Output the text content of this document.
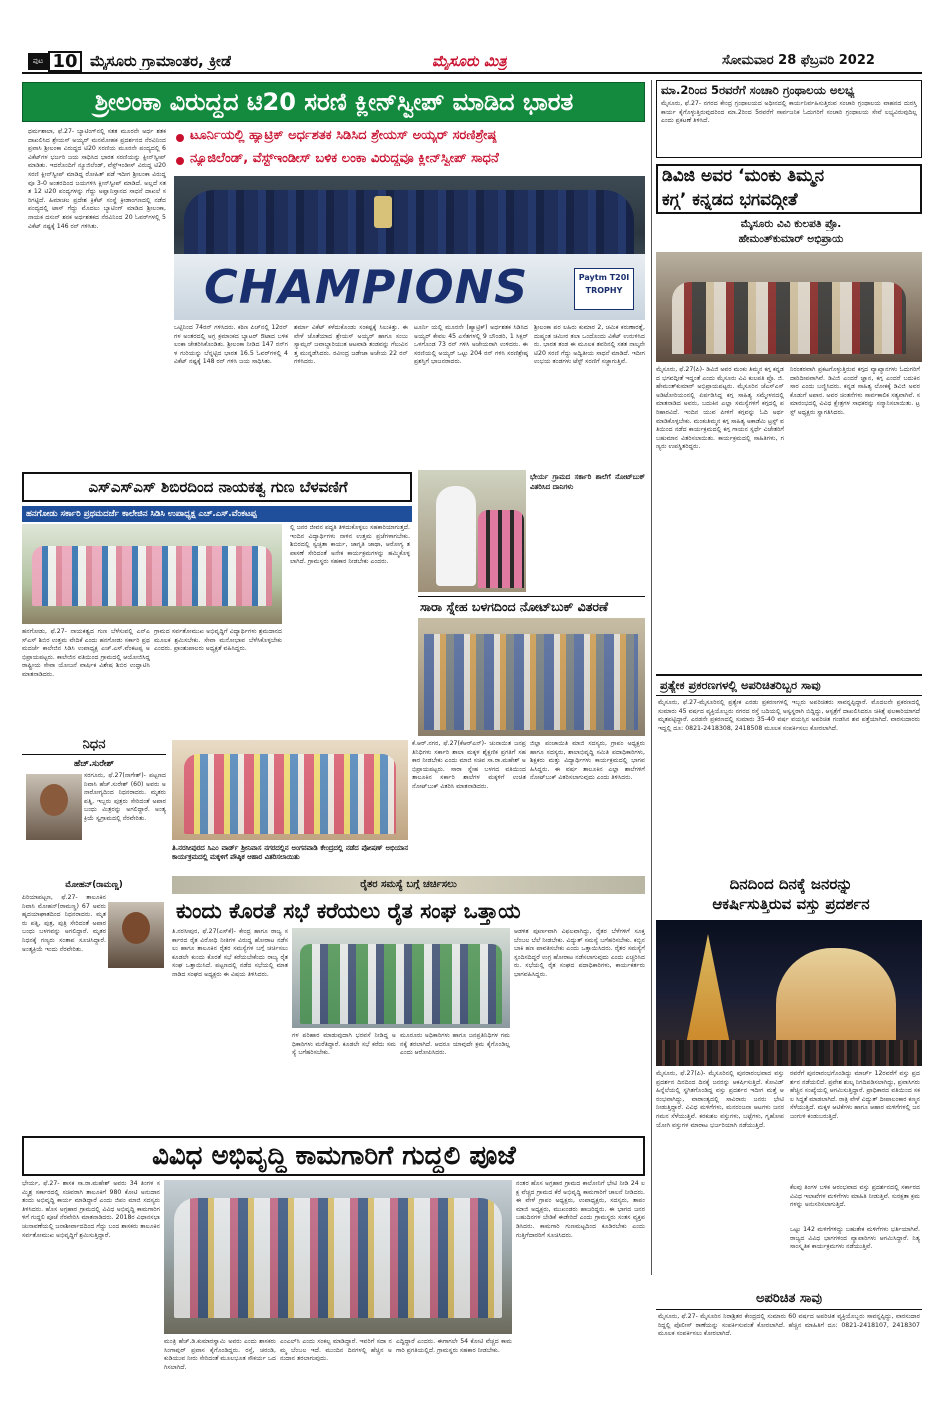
ಪುಟ 10 ಮೈಸೂರು ಗ್ರಾಮಾಂತರ, ಕ್ರೀಡೆ	ಮೈಸೂರು ಮಿತ್ರ	ಸೋಮವಾರ 28 ಫೆಬ್ರವರಿ 2022
ಶ್ರೀಲಂಕಾ ವಿರುದ್ಧದ ಟಿ20 ಸರಣಿ ಕ್ಲೀನ್‌ಸ್ವೀಪ್ ಮಾಡಿದ ಭಾರತ
ಟೂರ್ನಿಯಲ್ಲಿ ಹ್ಯಾಟ್ರಿಕ್ ಅರ್ಧಶತಕ ಸಿಡಿಸಿದ ಶ್ರೇಯಸ್ ಅಯ್ಯರ್ ಸರಣಿಶ್ರೇಷ್ಠ
ನ್ಯೂಜಿಲೆಂಡ್, ವೆಸ್ಟ್‌ಇಂಡೀಸ್ ಬಳಿಕ ಲಂಕಾ ವಿರುದ್ಧವೂ ಕ್ಲೀನ್‌ಸ್ವೀಪ್ ಸಾಧನೆ
ಧರ್ಮಶಾಲಾ, ಫೆ.27- ಬ್ಯಾಟಿಂಗ್‌ನಲ್ಲಿ ಸತತ ಮೂರನೇ ಅರ್ಧ ಶತಕ ದಾಖಲಿಸಿದ ಶ್ರೇಯಸ್ ಅಯ್ಯರ್ ಮನಮೋಹಕ ಪ್ರದರ್ಶನದ ನೆರವಿನಿಂದ ಪ್ರವಾಸಿ ಶ್ರೀಲಂಕಾ ವಿರುದ್ಧದ ಟಿ20 ಸರಣಿಯ ಮೂರನೇ ಪಂದ್ಯದಲ್ಲಿ 6 ವಿಕೆಟ್‌ಗಳ ಭರ್ಜರಿ ಜಯ ಸಾಧಿಸಿದ ಭಾರತ ಸರಣಿಯನ್ನು ಕ್ಲೀನ್‌ಸ್ವೀಪ್ ಮಾಡಿತು. ಇದರೊಂದಿಗೆ ನ್ಯೂಜಿಲೆಂಡ್, ವೆಸ್ಟ್‌ಇಂಡೀಸ್ ವಿರುದ್ಧ ಟಿ20 ಸರಣಿ ಕ್ಲೀನ್‌ಸ್ವೀಪ್ ಮಾಡಿದ್ದ ರೋಹಿತ್ ಪಡೆ ಇದೀಗ ಶ್ರೀಲಂಕಾ ವಿರುದ್ಧವೂ 3-0 ಅಂತರದಿಂದ ಜಯಗಳಿಸಿ ಕ್ಲೀನ್‌ಸ್ವೀಪ್ ಮಾಡಿದೆ. ಅಲ್ಲದೆ ಸತತ 12 ಟಿ20 ಪಂದ್ಯಗಳನ್ನು ಗೆದ್ದು ಅಫ್ಘಾನಿಸ್ತಾನದ ಸಾಧನೆ ದಾಖಲೆ ಸರಿಗಟ್ಟಿದೆ. ಹಿಮಾಚಲ ಪ್ರದೇಶ ಕ್ರಿಕೆಟ್ ಸಂಸ್ಥೆ ಕ್ರೀಡಾಂಗಣದಲ್ಲಿ ನಡೆದ ಪಂದ್ಯದಲ್ಲಿ ಟಾಸ್ ಗೆದ್ದು ಮೊದಲು ಬ್ಯಾಟಿಂಗ್ ಮಾಡಿದ ಶ್ರೀಲಂಕಾ, ನಾಯಕ ದಸುನ್ ಶನಕ ಅರ್ಧಶತಕದ ನೆರವಿನಿಂದ 20 ಓವರ್‌ಗಳಲ್ಲಿ 5 ವಿಕೆಟ್ ನಷ್ಟಕ್ಕೆ 146 ರನ್ ಗಳಿಸಿತು.
CHAMPIONS	Paytm T20I TROPHY
ಒಟ್ಟಿನಿಂದ 74ರನ್ ಗಳಿಸಿದರು. ಕಠಿಣ ಪಿಚ್‌ನಲ್ಲಿ 12ರನ್ ಗಳ ಅಂತರದಲ್ಲಿ ಅಗ್ರ ಕ್ರಮಾಂಕದ ಬ್ಯಾಟರ್ ಔಟಾದ ಬಳಿಕ ಲಂಕಾ ಚೇತರಿಸಿಕೊಂಡಿತು. ಶ್ರೀಲಂಕಾ ನೀಡಿದ 147 ರನ್‌ಗಳ ಗುರಿಯನ್ನು ಬೆನ್ನಟ್ಟಿದ ಭಾರತ 16.5 ಓವರ್‌ಗಳಲ್ಲಿ 4 ವಿಕೆಟ್ ನಷ್ಟಕ್ಕೆ 148 ರನ್ ಗಳಿಸಿ ಜಯ ಸಾಧಿಸಿತು.
ಶರ್ಮಾ ವಿಕೆಟ್ ಕಳೆದುಕೊಂಡು ಸಂಕಷ್ಟಕ್ಕೆ ಸಿಲುಕಿತ್ತು. ಈ ವೇಳೆ ಜೊತೆಯಾದ ಶ್ರೇಯಸ್ ಅಯ್ಯರ್ ಹಾಗೂ ಸಂಜು ಸ್ಯಾಮ್ಸನ್ ಜವಾಬ್ದಾರಿಯುತ ಆಟವಾಡಿ ತಂಡವನ್ನು ಗೆಲುವಿನತ್ತ ಮುನ್ನಡೆಸಿದರು. ರವೀಂದ್ರ ಜಡೇಜಾ ಅಜೇಯ 22 ರನ್ ಗಳಿಸಿದರು.
ಟೂರ್ನಿ ಯಲ್ಲಿ ಮೂರನೇ (ಹ್ಯಾಟ್ರಿಕ್) ಅರ್ಧಶತಕ ಸಿಡಿಸಿದ ಅಯ್ಯರ್ ಕೇವಲ 45 ಎಸೆತಗಳಲ್ಲಿ 9 ಬೌಂಡರಿ, 1 ಸಿಕ್ಸರ್ ಒಳಗೊಂಡ 73 ರನ್ ಗಳಿಸಿ ಅಜೇಯರಾಗಿ ಉಳಿದರು. ಈ ಸರಣಿಯಲ್ಲಿ ಅಯ್ಯರ್ ಒಟ್ಟು 204 ರನ್ ಗಳಿಸಿ ಸರಣಿಶ್ರೇಷ್ಠ ಪ್ರಶಸ್ತಿಗೆ ಭಾಜನರಾದರು.
ಶ್ರೀಲಂಕಾ ಪರ ಲಹಿರು ಕುಮಾರ 2, ಚಮಿಕ ಕರುಣಾರತ್ನೆ, ದುಷ್ಮಂತ ಚಮೀರ ತಲಾ ಒಂದೊಂದು ವಿಕೆಟ್ ಉರುಳಿಸಿದರು. ಭಾರತ ತಂಡ ಈ ಮೂಲಕ ತವರಿನಲ್ಲಿ ಸತತ ನಾಲ್ಕನೇ ಟಿ20 ಸರಣಿ ಗೆದ್ದು ಅದ್ವಿತೀಯ ಸಾಧನೆ ಮಾಡಿದೆ. ಇದೀಗ ಉಭಯ ತಂಡಗಳು ಟೆಸ್ಟ್ ಸರಣಿಗೆ ಸಜ್ಜಾಗುತ್ತಿವೆ.
ಮಾ.2ರಿಂದ 5ರವರೆಗೆ ಸಂಚಾರಿ ಗ್ರಂಥಾಲಯ ಅಲಭ್ಯ
ಮೈಸೂರು, ಫೆ.27- ನಗರದ ಕೇಂದ್ರ ಗ್ರಂಥಾಲಯದ ಅಧೀನದಲ್ಲಿ ಕಾರ್ಯನಿರ್ವಹಿಸುತ್ತಿರುವ ಸಂಚಾರಿ ಗ್ರಂಥಾಲಯ ವಾಹನದ ದುರಸ್ತಿ ಕಾರ್ಯ ಕೈಗೊಳ್ಳುತ್ತಿರುವುದರಿಂದ ಮಾ.2ರಿಂದ 5ರವರೆಗೆ ಸಾರ್ವಜನಿಕ ಓದುಗರಿಗೆ ಸಂಚಾರಿ ಗ್ರಂಥಾಲಯ ಸೇವೆ ಲಭ್ಯವಿರುವುದಿಲ್ಲ ಎಂದು ಪ್ರಕಟಣೆ ತಿಳಿಸಿದೆ.
ಡಿವಿಜಿ ಅವರ ‘ಮಂಕು ತಿಮ್ಮನ
ಕಗ್ಗ’ ಕನ್ನಡದ ಭಗವದ್ಗೀತೆ
ಮೈಸೂರು ವಿವಿ ಕುಲಪತಿ ಪ್ರೊ.
ಹೇಮಂತ್‌ಕುಮಾರ್ ಅಭಿಪ್ರಾಯ
ಮೈಸೂರು, ಫೆ.27(ಪಿ)- ಡಿವಿಜಿ ಅವರ ಮಂಕು ತಿಮ್ಮನ ಕಗ್ಗ ಕನ್ನಡದ ಭಗವದ್ಗೀತೆ ಇದ್ದಂತೆ ಎಂದು ಮೈಸೂರು ವಿವಿ ಕುಲಪತಿ ಪ್ರೊ. ಜಿ.ಹೇಮಂತ್‌ಕುಮಾರ್ ಅಭಿಪ್ರಾಯಪಟ್ಟರು. ಮೈಸೂರಿನ ಜೆಎಸ್‌ಎಸ್ ಅಡಿಟೋರಿಯಂನಲ್ಲಿ ಏರ್ಪಡಿಸಿದ್ದ ಕಗ್ಗ ಸಾಹಿತ್ಯ ಸಮ್ಮೇಳನದಲ್ಲಿ ಮಾತನಾಡಿದ ಅವರು, ಬದುಕಿನ ಎಲ್ಲಾ ಸಮಸ್ಯೆಗಳಿಗೆ ಕಗ್ಗದಲ್ಲಿ ಪರಿಹಾರವಿದೆ. ಇಂದಿನ ಯುವ ಪೀಳಿಗೆ ಕಗ್ಗವನ್ನು ಓದಿ ಅರ್ಥಮಾಡಿಕೊಳ್ಳಬೇಕು. ಮಂಕುತಿಮ್ಮನ ಕಗ್ಗ ಸಾಹಿತ್ಯ ಅಕಾಡೆಮಿ ಟ್ರಸ್ಟ್ ವತಿಯಿಂದ ನಡೆದ ಕಾರ್ಯಕ್ರಮದಲ್ಲಿ ಕಗ್ಗ ಗಾಯನ ಸ್ಪರ್ಧೆ ವಿಜೇತರಿಗೆ ಬಹುಮಾನ ವಿತರಿಸಲಾಯಿತು. ಕಾರ್ಯಕ್ರಮದಲ್ಲಿ ಸಾಹಿತಿಗಳು, ಗಣ್ಯರು ಉಪಸ್ಥಿತರಿದ್ದರು.
ನಿರಂತರವಾಗಿ ಪ್ರಕಟಗೊಳ್ಳುತ್ತಿರುವ ಕಗ್ಗದ ವ್ಯಾಖ್ಯಾನಗಳು ಓದುಗರಿಗೆ ದಾರಿದೀಪವಾಗಿವೆ. ಡಿವಿಜಿ ಎಂದರೆ ಜ್ಞಾನ, ಕಗ್ಗ ಎಂದರೆ ಬದುಕಿನ ಸಾರ ಎಂದು ಬಣ್ಣಿಸಿದರು. ಕನ್ನಡ ಸಾಹಿತ್ಯ ಲೋಕಕ್ಕೆ ಡಿವಿಜಿ ಅವರ ಕೊಡುಗೆ ಅಪಾರ. ಅವರ ಚಿಂತನೆಗಳು ಸಾರ್ವಕಾಲಿಕ ಸತ್ಯವಾಗಿವೆ. ಸಮಾರಂಭದಲ್ಲಿ ವಿವಿಧ ಕ್ಷೇತ್ರಗಳ ಸಾಧಕರನ್ನು ಸನ್ಮಾನಿಸಲಾಯಿತು. ಟ್ರಸ್ಟ್ ಅಧ್ಯಕ್ಷರು ಸ್ವಾಗತಿಸಿದರು.
ಪ್ರತ್ಯೇಕ ಪ್ರಕರಣಗಳಲ್ಲಿ ಅಪರಿಚಿತರಿಬ್ಬರ ಸಾವು
ಮೈಸೂರು, ಫೆ.27-ಮೈಸೂರಿನಲ್ಲಿ ಪ್ರತ್ಯೇಕ ಎರಡು ಪ್ರಕರಣಗಳಲ್ಲಿ ಇಬ್ಬರು ಅಪರಿಚಿತರು ಸಾವನ್ನಪ್ಪಿದ್ದಾರೆ. ಮೊದಲನೇ ಪ್ರಕರಣದಲ್ಲಿ ಸುಮಾರು 45 ವರ್ಷದ ವ್ಯಕ್ತಿಯೊಬ್ಬರು ನಗರದ ರಸ್ತೆ ಬದಿಯಲ್ಲಿ ಅಸ್ವಸ್ಥರಾಗಿ ಬಿದ್ದಿದ್ದು, ಆಸ್ಪತ್ರೆಗೆ ದಾಖಲಿಸಿದರೂ ಚಿಕಿತ್ಸೆ ಫಲಕಾರಿಯಾಗದೆ ಮೃತಪಟ್ಟಿದ್ದಾರೆ. ಎರಡನೇ ಪ್ರಕರಣದಲ್ಲಿ ಸುಮಾರು 35-40 ವರ್ಷ ವಯಸ್ಸಿನ ಅಪರಿಚಿತ ಗಂಡಸಿನ ಶವ ಪತ್ತೆಯಾಗಿದೆ. ವಾರಸುದಾರರು ಇದ್ದಲ್ಲಿ ದೂ: 0821-2418308, 2418508 ಮೂಲಕ ಸಂಪರ್ಕಿಸಲು ಕೋರಲಾಗಿದೆ.
ದಿನದಿಂದ ದಿನಕ್ಕೆ ಜನರನ್ನು
ಆಕರ್ಷಿಸುತ್ತಿರುವ ವಸ್ತು ಪ್ರದರ್ಶನ
ಮೈಸೂರು, ಫೆ.27(ಪಿ)- ಮೈಸೂರಿನಲ್ಲಿ ಪುನರಾರಂಭವಾದ ವಸ್ತು ಪ್ರದರ್ಶನ ದಿನದಿಂದ ದಿನಕ್ಕೆ ಜನರನ್ನು ಆಕರ್ಷಿಸುತ್ತಿದೆ. ಕೋವಿಡ್ ಹಿನ್ನೆಲೆಯಲ್ಲಿ ಸ್ಥಗಿತಗೊಂಡಿದ್ದ ವಸ್ತು ಪ್ರದರ್ಶನ ಇದೀಗ ಮತ್ತೆ ಆರಂಭವಾಗಿದ್ದು, ವಾರಾಂತ್ಯದಲ್ಲಿ ಸಾವಿರಾರು ಜನರು ಭೇಟಿ ನೀಡುತ್ತಿದ್ದಾರೆ. ವಿವಿಧ ಮಳಿಗೆಗಳು, ಮನರಂಜನಾ ಆಟಗಳು ಜನರ ಗಮನ ಸೆಳೆಯುತ್ತಿವೆ. ಕರಕುಶಲ ವಸ್ತುಗಳು, ಬಟ್ಟೆಗಳು, ಗೃಹೋಪಯೋಗಿ ವಸ್ತುಗಳ ಮಾರಾಟ ಭರ್ಜರಿಯಾಗಿ ನಡೆಯುತ್ತಿದೆ.
ರವರೆಗೆ ಪುನರಾರಂಭಗೊಂಡಿದ್ದು ಮಾರ್ಚ್ 12ರವರೆಗೆ ವಸ್ತು ಪ್ರದರ್ಶನ ನಡೆಯಲಿದೆ. ಪ್ರವೇಶ ಶುಲ್ಕ ನಿಗದಿಪಡಿಸಲಾಗಿದ್ದು, ಪ್ರವಾಸಿಗರು ಹೆಚ್ಚಿನ ಸಂಖ್ಯೆಯಲ್ಲಿ ಆಗಮಿಸುತ್ತಿದ್ದಾರೆ. ಪ್ರಾಧಿಕಾರದ ವತಿಯಿಂದ ಸಕಲ ಸಿದ್ಧತೆ ಮಾಡಲಾಗಿದೆ. ರಾತ್ರಿ ವೇಳೆ ವಿದ್ಯುತ್ ದೀಪಾಲಂಕಾರ ಕಣ್ಮನ ಸೆಳೆಯುತ್ತಿದೆ. ಮಕ್ಕಳ ಆಟಿಕೆಗಳು ಹಾಗೂ ಆಹಾರ ಮಳಿಗೆಗಳಲ್ಲಿ ಜನಜಂಗುಳಿ ಕಂಡುಬರುತ್ತಿದೆ.
ಕೆಲವು ತಿಂಗಳ ಬಳಿಕ ಆರಂಭವಾದ ವಸ್ತು ಪ್ರದರ್ಶನದಲ್ಲಿ ಸರ್ಕಾರದ ವಿವಿಧ ಇಲಾಖೆಗಳ ಮಳಿಗೆಗಳು ಮಾಹಿತಿ ನೀಡುತ್ತಿವೆ. ಸುರಕ್ಷತಾ ಕ್ರಮಗಳನ್ನು ಅನುಸರಿಸಲಾಗುತ್ತಿದೆ.
ಒಟ್ಟು 142 ಮಳಿಗೆಗಳಿದ್ದು ಬಹುತೇಕ ಮಳಿಗೆಗಳು ಭರ್ತಿಯಾಗಿವೆ. ರಾಜ್ಯದ ವಿವಿಧ ಭಾಗಗಳಿಂದ ವ್ಯಾಪಾರಿಗಳು ಆಗಮಿಸಿದ್ದಾರೆ. ನಿತ್ಯ ಸಾಂಸ್ಕೃತಿಕ ಕಾರ್ಯಕ್ರಮಗಳು ನಡೆಯುತ್ತಿವೆ.
ಅಪರಿಚಿತ ಸಾವು
ಮೈಸೂರು, ಫೆ.27- ಮೈಸೂರಿನ ನಿರಾಶ್ರಿತರ ಕೇಂದ್ರದಲ್ಲಿ ಸುಮಾರು 60 ವರ್ಷದ ಅಪರಿಚಿತ ವ್ಯಕ್ತಿಯೊಬ್ಬರು ಸಾವನ್ನಪ್ಪಿದ್ದು, ವಾರಸುದಾರರಿದ್ದಲ್ಲಿ ಪೊಲೀಸ್ ಠಾಣೆಯನ್ನು ಸಂಪರ್ಕಿಸುವಂತೆ ಕೋರಲಾಗಿದೆ. ಹೆಚ್ಚಿನ ಮಾಹಿತಿಗೆ ದೂ: 0821-2418107, 2418307 ಮೂಲಕ ಸಂಪರ್ಕಿಸಲು ಕೋರಲಾಗಿದೆ.
ಎಸ್‌ಎಸ್‌ಎಸ್ ಶಿಬಿರದಿಂದ ನಾಯಕತ್ವ ಗುಣ ಬೆಳವಣಿಗೆ
ಹನಗೋಡು ಸರ್ಕಾರಿ ಪ್ರಥಮದರ್ಜೆ ಕಾಲೇಜಿನ ಸಿಡಿಸಿ ಉಪಾಧ್ಯಕ್ಷ ಎಚ್.ಎಸ್.ವೆಂಕಟಪ್ಪ
ಹನಗೋಡು, ಫೆ.27- ನಾಯಕತ್ವದ ಗುಣ ಬೆಳೆಸುವಲ್ಲಿ ಎನ್‌ಎಸ್‌ಎಸ್ ಶಿಬಿರ ಉತ್ತಮ ವೇದಿಕೆ ಎಂದು ಹನಗೋಡು ಸರ್ಕಾರಿ ಪ್ರಥಮದರ್ಜೆ ಕಾಲೇಜಿನ ಸಿಡಿಸಿ ಉಪಾಧ್ಯಕ್ಷ ಎಚ್.ಎಸ್.ವೆಂಕಟಪ್ಪ ಅಭಿಪ್ರಾಯಪಟ್ಟರು. ಕಾಲೇಜಿನ ವತಿಯಿಂದ ಗ್ರಾಮದಲ್ಲಿ ಆಯೋಜಿಸಿದ್ದ ರಾಷ್ಟ್ರೀಯ ಸೇವಾ ಯೋಜನೆ ವಾರ್ಷಿಕ ವಿಶೇಷ ಶಿಬಿರ ಉದ್ಘಾಟಿಸಿ ಮಾತನಾಡಿದರು.
ಗ್ರಾಮದ ಸರ್ವತೋಮುಖ ಅಭಿವೃದ್ಧಿಗೆ ವಿದ್ಯಾರ್ಥಿಗಳು ಶ್ರಮದಾನದ ಮೂಲಕ ಶ್ರಮಿಸಬೇಕು. ಸೇವಾ ಮನೋಭಾವ ಬೆಳೆಸಿಕೊಳ್ಳಬೇಕು ಎಂದರು. ಪ್ರಾಂಶುಪಾಲರು ಅಧ್ಯಕ್ಷತೆ ವಹಿಸಿದ್ದರು.
ಲ್ಲಿ ಜನರ ಜೀವನ ಪದ್ಧತಿ ತಿಳಿದುಕೊಳ್ಳಲು ಸಹಕಾರಿಯಾಗುತ್ತದೆ. ಇಂದಿನ ವಿದ್ಯಾರ್ಥಿಗಳು ನಾಳಿನ ಉತ್ತಮ ಪ್ರಜೆಗಳಾಗಬೇಕು. ಶಿಬಿರದಲ್ಲಿ ಸ್ವಚ್ಛತಾ ಕಾರ್ಯ, ಜಾಗೃತಿ ಜಾಥಾ, ಆರೋಗ್ಯ ತಪಾಸಣೆ ಸೇರಿದಂತೆ ಅನೇಕ ಕಾರ್ಯಕ್ರಮಗಳನ್ನು ಹಮ್ಮಿಕೊಳ್ಳಲಾಗಿದೆ. ಗ್ರಾಮಸ್ಥರು ಸಹಕಾರ ನೀಡಬೇಕು ಎಂದರು.
ಭೇರ್ಯ ಗ್ರಾಮದ ಸರ್ಕಾರಿ ಶಾಲೆಗೆ ನೋಟ್‌ಬುಕ್ ವಿತರಿಸಿದ ದಾನಿಗಳು
ಸಾರಾ ಸ್ನೇಹ ಬಳಗದಿಂದ ನೋಟ್‌ಬುಕ್ ವಿತರಣೆ
ತಿ.ನರಸೀಪುರದ ಸಿಎಂ ವಾರ್ಡ್ ಶ್ರೀನಿವಾಸ ನಗರದಲ್ಲಿನ ಅಂಗನವಾಡಿ ಕೇಂದ್ರದಲ್ಲಿ ನಡೆದ ಪೋಷಣ್ ಅಭಿಯಾನ ಕಾರ್ಯಕ್ರಮದಲ್ಲಿ ಮಕ್ಕಳಿಗೆ ಪೌಷ್ಠಿಕ ಆಹಾರ ವಿತರಿಸಲಾಯಿತು
ಕೆ.ಆರ್.ನಗರ, ಫೆ.27(ಕೆಆರ್‌ಎನ್)- ಚುನಾಯಿತ ಜನಪ್ರತಿನಿಧಿಗಳು ಸರ್ಕಾರಿ ಶಾಲಾ ಮಕ್ಕಳ ಶೈಕ್ಷಣಿಕ ಪ್ರಗತಿಗೆ ಸಹಕಾರ ನೀಡಬೇಕು ಎಂದು ಮಾಜಿ ಸಚಿವ ಸಾ.ರಾ.ಮಹೇಶ್ ಅಭಿಪ್ರಾಯಪಟ್ಟರು. ಸಾರಾ ಸ್ನೇಹ ಬಳಗದ ವತಿಯಿಂದ ತಾಲೂಕಿನ ಸರ್ಕಾರಿ ಶಾಲೆಗಳ ಮಕ್ಕಳಿಗೆ ಉಚಿತ ನೋಟ್‌ಬುಕ್ ವಿತರಿಸಿ ಮಾತನಾಡಿದರು.
ಜಿಲ್ಲಾ ಪಂಚಾಯಿತಿ ಮಾಜಿ ಸದಸ್ಯರು, ಗ್ರಾಪಂ ಅಧ್ಯಕ್ಷರು ಹಾಗೂ ಸದಸ್ಯರು, ಶಾಲಾಭಿವೃದ್ಧಿ ಸಮಿತಿ ಪದಾಧಿಕಾರಿಗಳು, ಶಿಕ್ಷಕರು ಮತ್ತು ವಿದ್ಯಾರ್ಥಿಗಳು ಕಾರ್ಯಕ್ರಮದಲ್ಲಿ ಭಾಗವಹಿಸಿದ್ದರು. ಈ ವರ್ಷ ತಾಲೂಕಿನ ಎಲ್ಲಾ ಶಾಲೆಗಳಿಗೆ ನೋಟ್‌ಬುಕ್ ವಿತರಿಸಲಾಗುವುದು ಎಂದು ತಿಳಿಸಿದರು.
ನಿಧನ
ಹೆಚ್.ಸುರೇಶ್
ಸರಗೂರು, ಫೆ.27(ನಾಗೇಶ್)- ಪಟ್ಟಣದ ನಿವಾಸಿ ಹೆಚ್.ಸುರೇಶ್ (60) ಅವರು ಅನಾರೋಗ್ಯದಿಂದ ನಿಧನರಾದರು. ಮೃತರು ಪತ್ನಿ, ಇಬ್ಬರು ಪುತ್ರರು ಸೇರಿದಂತೆ ಅಪಾರ ಬಂಧು ಮಿತ್ರರನ್ನು ಅಗಲಿದ್ದಾರೆ. ಅಂತ್ಯಕ್ರಿಯೆ ಸ್ವಗ್ರಾಮದಲ್ಲಿ ನೆರವೇರಿತು.
ಮೋಹನ್(ರಾಮಣ್ಣ)
ಪಿರಿಯಾಪಟ್ಟಣ, ಫೆ.27- ತಾಲೂಕಿನ ನಿವಾಸಿ ಮೋಹನ್(ರಾಮಣ್ಣ) 67 ಅವರು ಹೃದಯಾಘಾತದಿಂದ ನಿಧನರಾದರು. ಮೃತರು ಪತ್ನಿ, ಪುತ್ರ, ಪುತ್ರಿ ಸೇರಿದಂತೆ ಅಪಾರ ಬಂಧು ಬಳಗವನ್ನು ಅಗಲಿದ್ದಾರೆ. ಮೃತರ ನಿಧನಕ್ಕೆ ಗಣ್ಯರು ಸಂತಾಪ ಸೂಚಿಸಿದ್ದಾರೆ. ಅಂತ್ಯಕ್ರಿಯೆ ಇಂದು ನೆರವೇರಿತು.
ರೈತರ ಸಮಸ್ಯೆ ಬಗ್ಗೆ ಚರ್ಚಿಸಲು
ಕುಂದು ಕೊರತೆ ಸಭೆ ಕರೆಯಲು ರೈತ ಸಂಘ ಒತ್ತಾಯ
ತಿ.ನರಸೀಪುರ, ಫೆ.27(ಎಸ್‌ಕೆ)- ಕೇಂದ್ರ ಹಾಗೂ ರಾಜ್ಯ ಸರ್ಕಾರದ ರೈತ ವಿರೋಧಿ ನೀತಿಗಳ ವಿರುದ್ಧ ಹೋರಾಟ ನಡೆಸಲು ಹಾಗೂ ತಾಲೂಕಿನ ರೈತರ ಸಮಸ್ಯೆಗಳ ಬಗ್ಗೆ ಚರ್ಚಿಸಲು ಕೂಡಲೇ ಕುಂದು ಕೊರತೆ ಸಭೆ ಕರೆಯಬೇಕೆಂದು ರಾಜ್ಯ ರೈತ ಸಂಘ ಒತ್ತಾಯಿಸಿದೆ. ಪಟ್ಟಣದಲ್ಲಿ ನಡೆದ ಸಭೆಯಲ್ಲಿ ಮಾತನಾಡಿದ ಸಂಘದ ಅಧ್ಯಕ್ಷರು ಈ ವಿಷಯ ತಿಳಿಸಿದರು.
ಗಳ ಪರಿಹಾರ ಮಾಡುವುದಾಗಿ ಭರವಸೆ ನೀಡಿದ್ದ ಅಧಿಕಾರಿಗಳು ಮರೆತಿದ್ದಾರೆ. ಕೂಡಲೇ ಸಭೆ ಕರೆದು ಸಮಸ್ಯೆ ಬಗೆಹರಿಸಬೇಕು.
ಮೂರೂರು ಅಧಿಕಾರಿಗಳು ಹಾಗೂ ಜನಪ್ರತಿನಿಧಿಗಳ ಗಮನಕ್ಕೆ ತರಲಾಗಿದೆ. ಆದರೂ ಯಾವುದೇ ಕ್ರಮ ಕೈಗೊಂಡಿಲ್ಲ ಎಂದು ಆರೋಪಿಸಿದರು.
ಆಡಳಿತ ಪೂರ್ಣವಾಗಿ ವಿಫಲವಾಗಿದ್ದು, ರೈತರ ಬೆಳೆಗಳಿಗೆ ಸೂಕ್ತ ಬೆಂಬಲ ಬೆಲೆ ನೀಡಬೇಕು. ವಿದ್ಯುತ್ ಸಮಸ್ಯೆ ಬಗೆಹರಿಸಬೇಕು. ಕಬ್ಬಿನ ಬಾಕಿ ಹಣ ಪಾವತಿಸಬೇಕು ಎಂದು ಒತ್ತಾಯಿಸಿದರು. ರೈತರ ಸಮಸ್ಯೆಗೆ ಸ್ಪಂದಿಸದಿದ್ದರೆ ಉಗ್ರ ಹೋರಾಟ ನಡೆಸಲಾಗುವುದು ಎಂದು ಎಚ್ಚರಿಸಿದರು. ಸಭೆಯಲ್ಲಿ ರೈತ ಸಂಘದ ಪದಾಧಿಕಾರಿಗಳು, ಕಾರ್ಯಕರ್ತರು ಭಾಗವಹಿಸಿದ್ದರು.
ವಿವಿಧ ಅಭಿವೃದ್ಧಿ ಕಾಮಗಾರಿಗೆ ಗುದ್ದಲಿ ಪೂಜೆ
ಭೇರ್ಯ, ಫೆ.27- ಶಾಸಕ ಸಾ.ರಾ.ಮಹೇಶ್ ಅವರು 34 ತಿಂಗಳ ಸಮ್ಮಿಶ್ರ ಸರ್ಕಾರದಲ್ಲಿ ಸಚಿವರಾಗಿ ತಾಲೂಕಿಗೆ 980 ಕೋಟಿ ಅನುದಾನ ತಂದು ಅಭಿವೃದ್ಧಿ ಕಾರ್ಯ ಮಾಡಿದ್ದಾರೆ ಎಂದು ಜಿಪಂ ಮಾಜಿ ಸದಸ್ಯರು ತಿಳಿಸಿದರು. ಹೊಸ ಅಗ್ರಹಾರ ಗ್ರಾಮದಲ್ಲಿ ವಿವಿಧ ಅಭಿವೃದ್ಧಿ ಕಾಮಗಾರಿಗಳಿಗೆ ಗುದ್ದಲಿ ಪೂಜೆ ನೆರವೇರಿಸಿ ಮಾತನಾಡಿದರು. 2018ರ ವಿಧಾನಸಭಾ ಚುನಾವಣೆಯಲ್ಲಿ ಜನಾಶೀರ್ವಾದದಿಂದ ಗೆದ್ದು ಬಂದ ಶಾಸಕರು ತಾಲೂಕಿನ ಸರ್ವತೋಮುಖ ಅಭಿವೃದ್ಧಿಗೆ ಶ್ರಮಿಸುತ್ತಿದ್ದಾರೆ.
ಮಂತ್ರಿ ಹೆಚ್.ಡಿ.ಕುಮಾರಸ್ವಾಮಿ ಅವರು ಎಂದು ಶಾಸಕರು ಸಿಂಗಾಪುರ್ ಪ್ರವಾಸ ಕೈಗೊಂಡಿದ್ದರು. ರಸ್ತೆ, ಚರಂಡಿ, ಕುಡಿಯುವ ನೀರು ಸೇರಿದಂತೆ ಮೂಲಭೂತ ಸೌಕರ್ಯ ಒದಗಿಸಲಾಗಿದೆ.
ಎಂಎಲ್‌ಸಿ ಎಂದು ಸಂಕಲ್ಪ ಮಾಡಿದ್ದಾರೆ. ಇವರಿಗೆ ಸದಾ ನಮ್ಮ ಬೆಂಬಲ ಇದೆ. ಮುಂದಿನ ದಿನಗಳಲ್ಲಿ ಹೆಚ್ಚಿನ ಅನುದಾನ ತರಲಾಗುವುದು.
ಎದ್ದಿದ್ದಾರೆ ಎಂದರು. ಈಗಾಗಲೇ 54 ಕೋಟಿ ವೆಚ್ಚದ ಕಾಮಗಾರಿ ಪ್ರಗತಿಯಲ್ಲಿದೆ. ಗ್ರಾಮಸ್ಥರು ಸಹಕಾರ ನೀಡಬೇಕು.
ನಂತರ ಹೊಸ ಅಗ್ರಹಾರ ಗ್ರಾಮದ ಕಾಲೋನಿಗೆ ಭೇಟಿ ನೀಡಿ 24 ಲಕ್ಷ ವೆಚ್ಚದ ಗ್ರಾಮದ ಕೆರೆ ಅಭಿವೃದ್ಧಿ ಕಾಮಗಾರಿಗೆ ಚಾಲನೆ ನೀಡಿದರು. ಈ ವೇಳೆ ಗ್ರಾಪಂ ಅಧ್ಯಕ್ಷರು, ಉಪಾಧ್ಯಕ್ಷರು, ಸದಸ್ಯರು, ತಾಪಂ ಮಾಜಿ ಅಧ್ಯಕ್ಷರು, ಮುಖಂಡರು ಹಾಜರಿದ್ದರು. ಈ ಭಾಗದ ಜನರ ಬಹುದಿನಗಳ ಬೇಡಿಕೆ ಈಡೇರಿದೆ ಎಂದು ಗ್ರಾಮಸ್ಥರು ಸಂತಸ ವ್ಯಕ್ತಪಡಿಸಿದರು. ಕಾಮಗಾರಿ ಗುಣಮಟ್ಟದಿಂದ ಕೂಡಿರಬೇಕು ಎಂದು ಗುತ್ತಿಗೆದಾರರಿಗೆ ಸೂಚಿಸಿದರು.
